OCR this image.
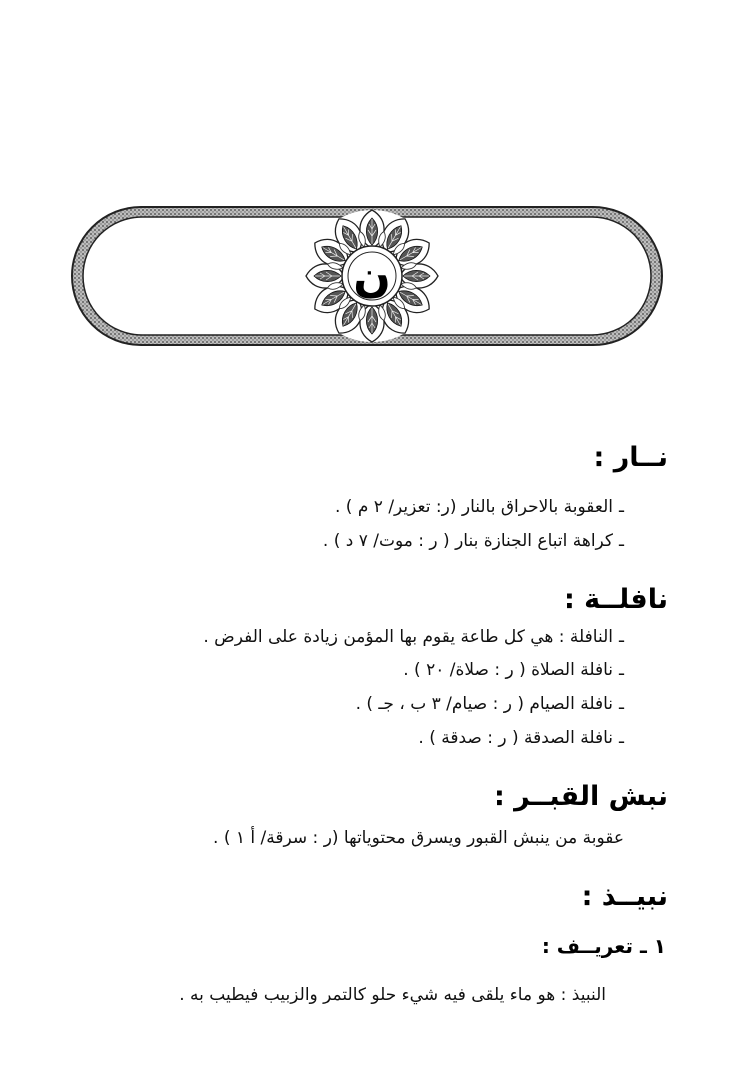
ن
نــار :
ـالعقوبة بالاحراق بالنار (ر: تعزير/ ٢ م ) .
ـكراهة اتباع الجنازة بنار ( ر : موت/ ٧ د ) .
نافلــة :
ـالنافلة : هي كل طاعة يقوم بها المؤمن زيادة على الفرض .
ـنافلة الصلاة ( ر : صلاة/ ٢٠ ) .
ـنافلة الصيام ( ر : صيام/ ٣ ب ، جـ ) .
ـنافلة الصدقة ( ر : صدقة ) .
نبش القبــر :
عقوبة من ينبش القبور ويسرق محتوياتها (ر : سرقة/ أ ١ ) .
نبيــذ :
١ ـ تعريــف :
النبيذ : هو ماء يلقى فيه شيء حلو كالتمر والزبيب فيطيب به .
